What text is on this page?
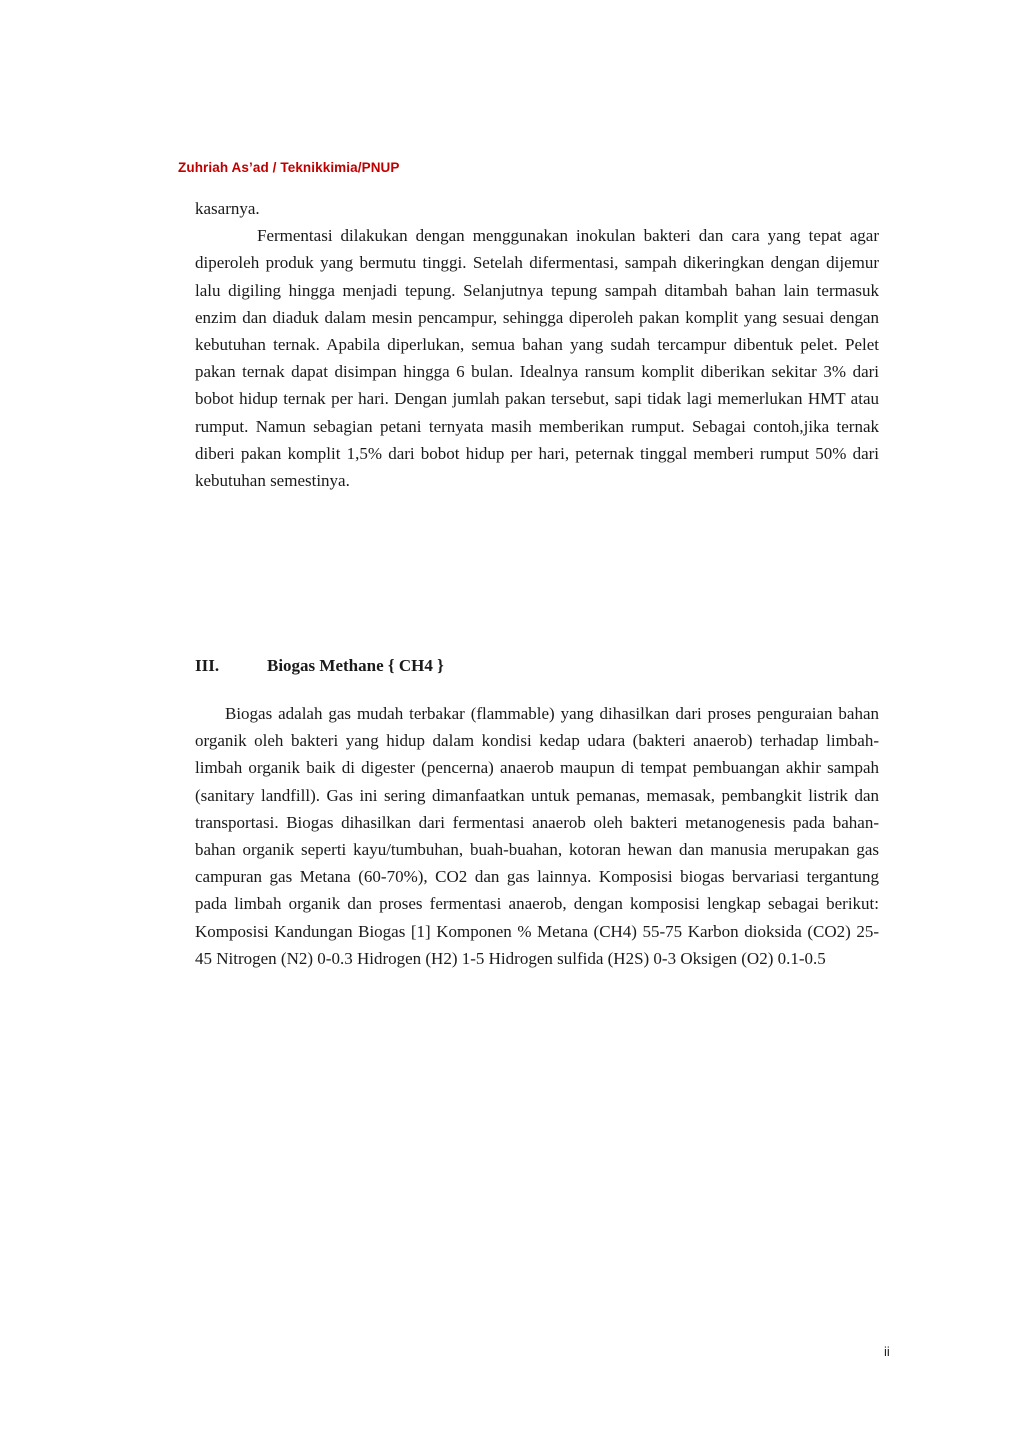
Zuhriah As’ad / Teknikkimia/PNUP
kasarnya.
Fermentasi dilakukan dengan menggunakan inokulan bakteri dan cara yang tepat agar diperoleh produk yang bermutu tinggi. Setelah difermentasi, sampah dikeringkan dengan dijemur lalu digiling hingga menjadi tepung. Selanjutnya tepung sampah ditambah bahan lain termasuk enzim dan diaduk dalam mesin pencampur, sehingga diperoleh pakan komplit yang sesuai dengan kebutuhan ternak. Apabila diperlukan, semua bahan yang sudah tercampur dibentuk pelet. Pelet pakan ternak dapat disimpan hingga 6 bulan. Idealnya ransum komplit diberikan sekitar 3% dari bobot hidup ternak per hari. Dengan jumlah pakan tersebut, sapi tidak lagi memerlukan HMT atau rumput. Namun sebagian petani ternyata masih memberikan rumput. Sebagai contoh,jika ternak diberi pakan komplit 1,5% dari bobot hidup per hari, peternak tinggal memberi rumput 50% dari kebutuhan semestinya.
III.	Biogas Methane { CH4 }
Biogas adalah gas mudah terbakar (flammable) yang dihasilkan dari proses penguraian bahan organik oleh bakteri yang hidup dalam kondisi kedap udara (bakteri anaerob) terhadap limbah-limbah organik baik di digester (pencerna) anaerob maupun di tempat pembuangan akhir sampah (sanitary landfill). Gas ini sering dimanfaatkan untuk pemanas, memasak, pembangkit listrik dan transportasi. Biogas dihasilkan dari fermentasi anaerob oleh bakteri metanogenesis pada bahan-bahan organik seperti kayu/tumbuhan, buah-buahan, kotoran hewan dan manusia merupakan gas campuran gas Metana (60-70%), CO2 dan gas lainnya. Komposisi biogas bervariasi tergantung pada limbah organik dan proses fermentasi anaerob, dengan komposisi lengkap sebagai berikut: Komposisi Kandungan Biogas [1] Komponen % Metana (CH4) 55-75 Karbon dioksida (CO2) 25-45 Nitrogen (N2) 0-0.3 Hidrogen (H2) 1-5 Hidrogen sulfida (H2S) 0-3 Oksigen (O2) 0.1-0.5
ii
